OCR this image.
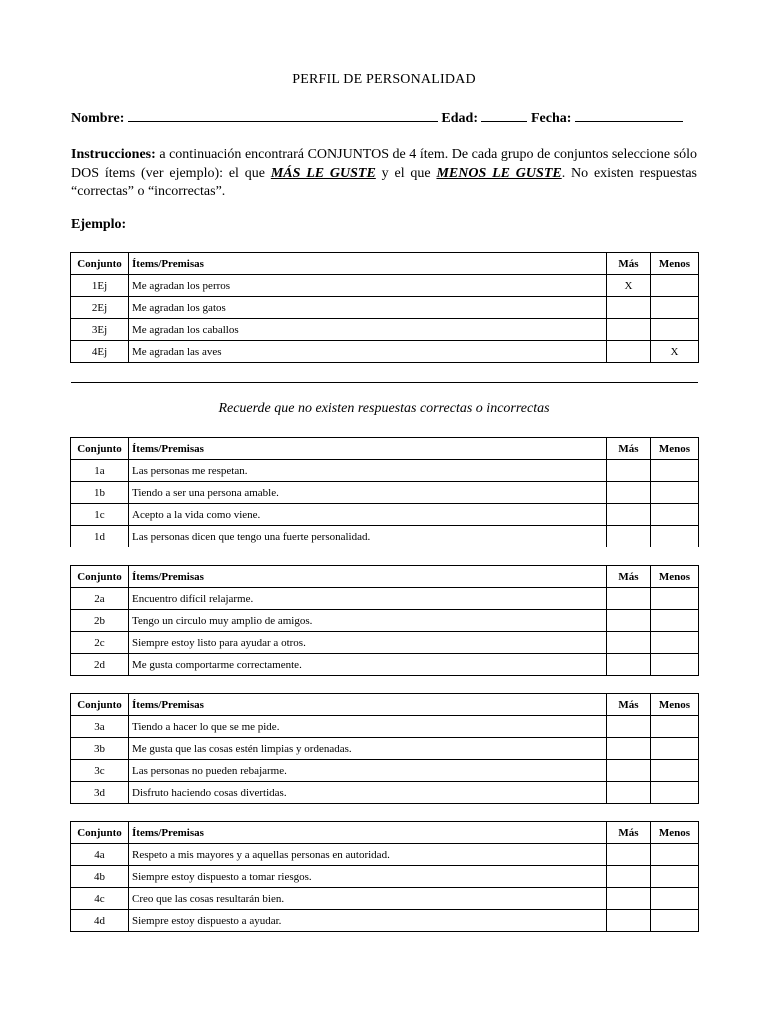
PERFIL DE PERSONALIDAD
Nombre:	Edad:	Fecha:
Instrucciones: a continuación encontrará CONJUNTOS de 4 ítem. De cada grupo de conjuntos seleccione sólo DOS ítems (ver ejemplo): el que MÁS LE GUSTE y el que MENOS LE GUSTE. No existen respuestas “correctas” o “incorrectas”.
Ejemplo:
Recuerde que no existen respuestas correctas o incorrectas
Conjunto	Ítems/Premisas	Más	Menos
1Ej	Me agradan los perros	X	
2Ej	Me agradan los gatos		
3Ej	Me agradan los caballos		
4Ej	Me agradan las aves		X
Conjunto	Ítems/Premisas	Más	Menos
1a	Las personas me respetan.		
1b	Tiendo a ser una persona amable.		
1c	Acepto a la vida como viene.		
1d	Las personas dicen que tengo una fuerte personalidad.		
Conjunto	Ítems/Premisas	Más	Menos
2a	Encuentro difícil relajarme.		
2b	Tengo un circulo muy amplio de amigos.		
2c	Siempre estoy listo para ayudar a otros.		
2d	Me gusta comportarme correctamente.		
Conjunto	Ítems/Premisas	Más	Menos
3a	Tiendo a hacer lo que se me pide.		
3b	Me gusta que las cosas estén limpias y ordenadas.		
3c	Las personas no pueden rebajarme.		
3d	Disfruto haciendo cosas divertidas.		
Conjunto	Ítems/Premisas	Más	Menos
4a	Respeto a mis mayores y a aquellas personas en autoridad.		
4b	Siempre estoy dispuesto a tomar riesgos.		
4c	Creo que las cosas resultarán bien.		
4d	Siempre estoy dispuesto a ayudar.		
